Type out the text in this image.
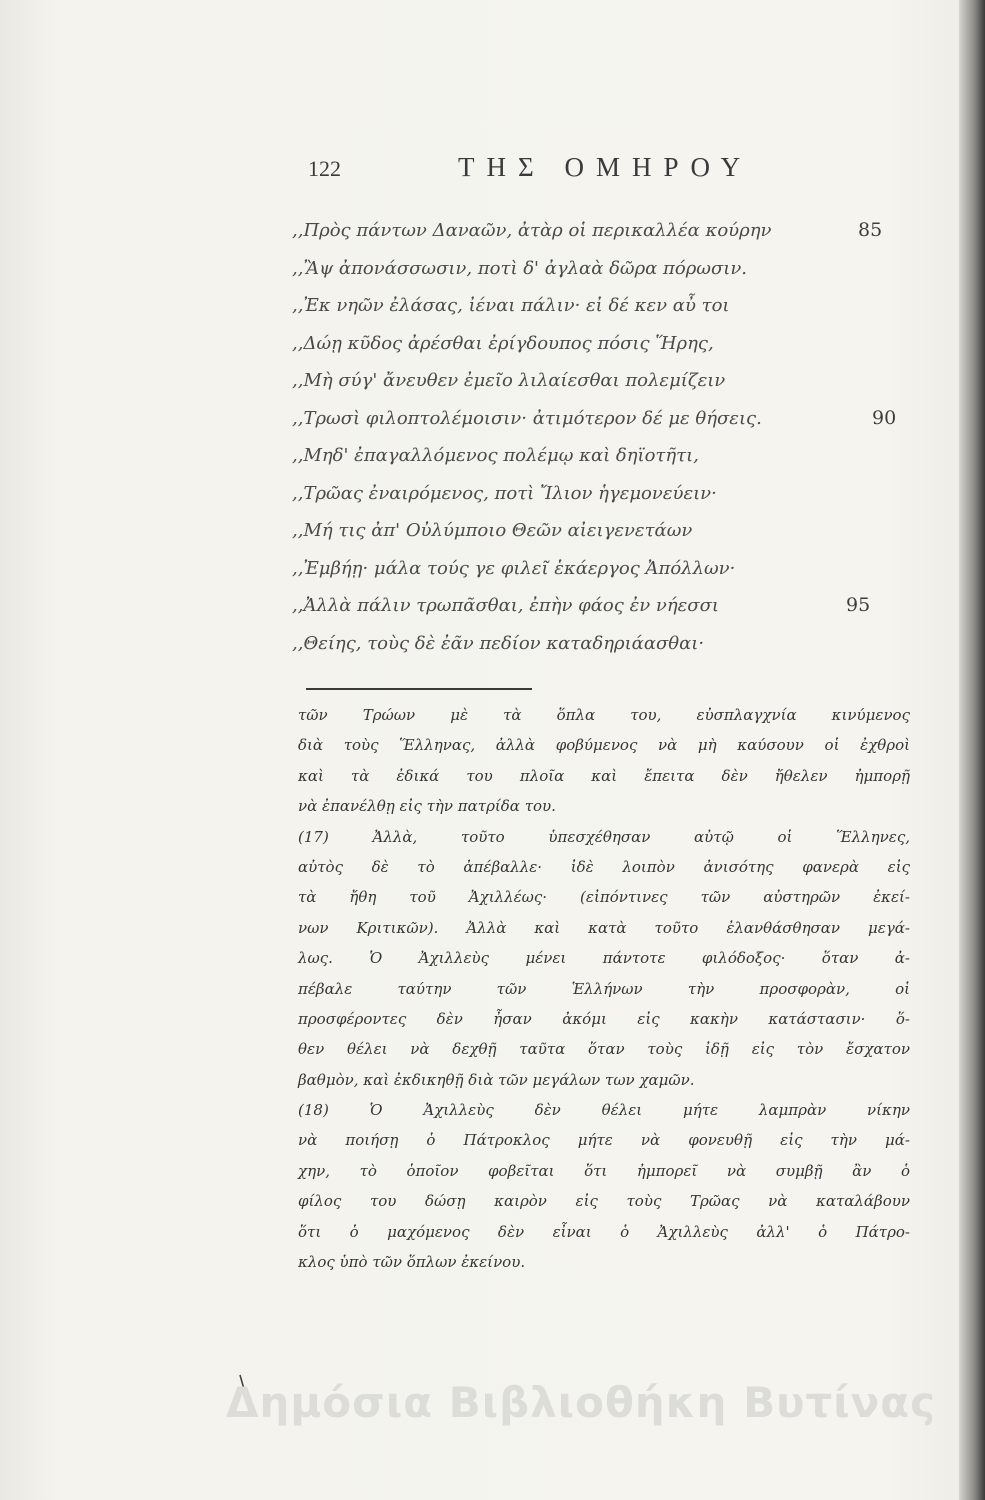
122	ΤΗΣ ΟΜΗΡΟΥ
,,Πρὸς πάντων Δαναῶν, ἀτὰρ οἱ περικαλλέα κούρην	85
,,Ἂψ ἀπονάσσωσιν, ποτὶ δ' ἀγλαὰ δῶρα πόρωσιν.
,,Ἐκ νηῶν ἐλάσας, ἰέναι πάλιν· εἰ δέ κεν αὖ τοι
,,Δώῃ κῦδος ἀρέσθαι ἐρίγδουπος πόσις Ἥρης,
,,Μὴ σύγ' ἄνευθεν ἐμεῖο λιλαίεσθαι πολεμίζειν
,,Τρωσὶ φιλοπτολέμοισιν· ἀτιμότερον δέ με θήσεις.	90
,,Μηδ' ἐπαγαλλόμενος πολέμῳ καὶ δηϊοτῆτι,
,,Τρῶας ἐναιρόμενος, ποτὶ Ἴλιον ἡγεμονεύειν·
,,Μή τις ἀπ' Οὐλύμποιο Θεῶν αἰειγενετάων
,,Ἐμβήῃ· μάλα τούς γε φιλεῖ ἑκάεργος Ἀπόλλων·
,,Ἀλλὰ πάλιν τρωπᾶσθαι, ἐπὴν φάος ἐν νήεσσι	95
,,Θείης, τοὺς δὲ ἐᾶν πεδίον καταδηριάασθαι·
τῶν Τρώων μὲ τὰ ὅπλα του, εὐσπλαγχνία κινύμενος
διὰ τοὺς Ἕλληνας, ἀλλὰ φοβύμενος νὰ μὴ καύσουν οἱ ἐχθροὶ
καὶ τὰ ἐδικά του πλοῖα καὶ ἔπειτα δὲν ἤθελεν ἠμπορῇ
νὰ ἐπανέλθῃ εἰς τὴν πατρίδα του.
(17) Ἀλλὰ, τοῦτο ὑπεσχέθησαν αὐτῷ οἱ Ἕλληνες,
αὐτὸς δὲ τὸ ἀπέβαλλε· ἰδὲ λοιπὸν ἀνισότης φανερὰ εἰς
τὰ ἤθη τοῦ Ἀχιλλέως· (εἰπόντινες τῶν αὐστηρῶν ἐκεί-
νων Κριτικῶν). Ἀλλὰ καὶ κατὰ τοῦτο ἐλανθάσθησαν μεγά-
λως. Ὁ Ἀχιλλεὺς μένει πάντοτε φιλόδοξος· ὅταν ἀ-
πέβαλε ταύτην τῶν Ἑλλήνων τὴν προσφορὰν, οἱ
προσφέροντες δὲν ἦσαν ἀκόμι εἰς κακὴν κατάστασιν· ὅ-
θεν θέλει νὰ δεχθῇ ταῦτα ὅταν τοὺς ἰδῇ εἰς τὸν ἔσχατον
βαθμὸν, καὶ ἐκδικηθῇ διὰ τῶν μεγάλων των χαμῶν.
(18) Ὁ Ἀχιλλεὺς δὲν θέλει μήτε λαμπρὰν νίκην
νὰ ποιήσῃ ὁ Πάτροκλος μήτε νὰ φονευθῇ εἰς τὴν μά-
χην, τὸ ὁποῖον φοβεῖται ὅτι ἠμπορεῖ νὰ συμβῇ ἂν ὁ
φίλος του δώσῃ καιρὸν εἰς τοὺς Τρῶας νὰ καταλάβουν
ὅτι ὁ μαχόμενος δὲν εἶναι ὁ Ἀχιλλεὺς ἀλλ' ὁ Πάτρο-
κλος ὑπὸ τῶν ὅπλων ἐκείνου.
Δημόσια Βιβλιοθήκη Βυτίνας
